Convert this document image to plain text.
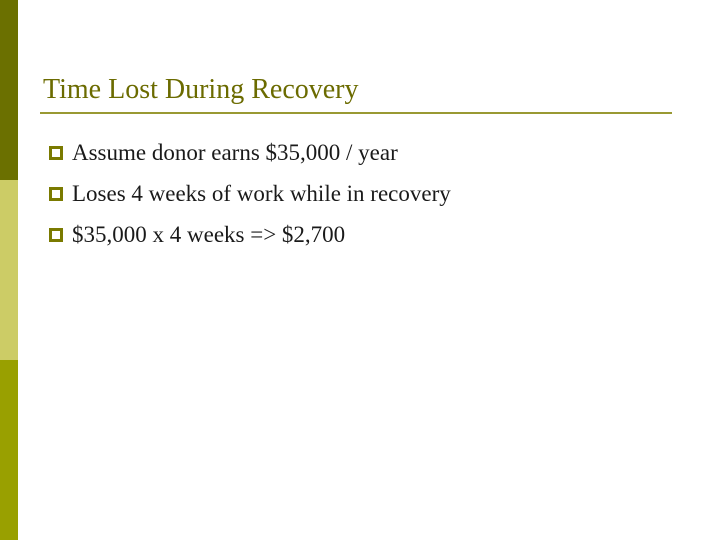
Time Lost During Recovery
Assume donor earns $35,000 / year
Loses 4 weeks of work while in recovery
$35,000 x 4 weeks => $2,700
